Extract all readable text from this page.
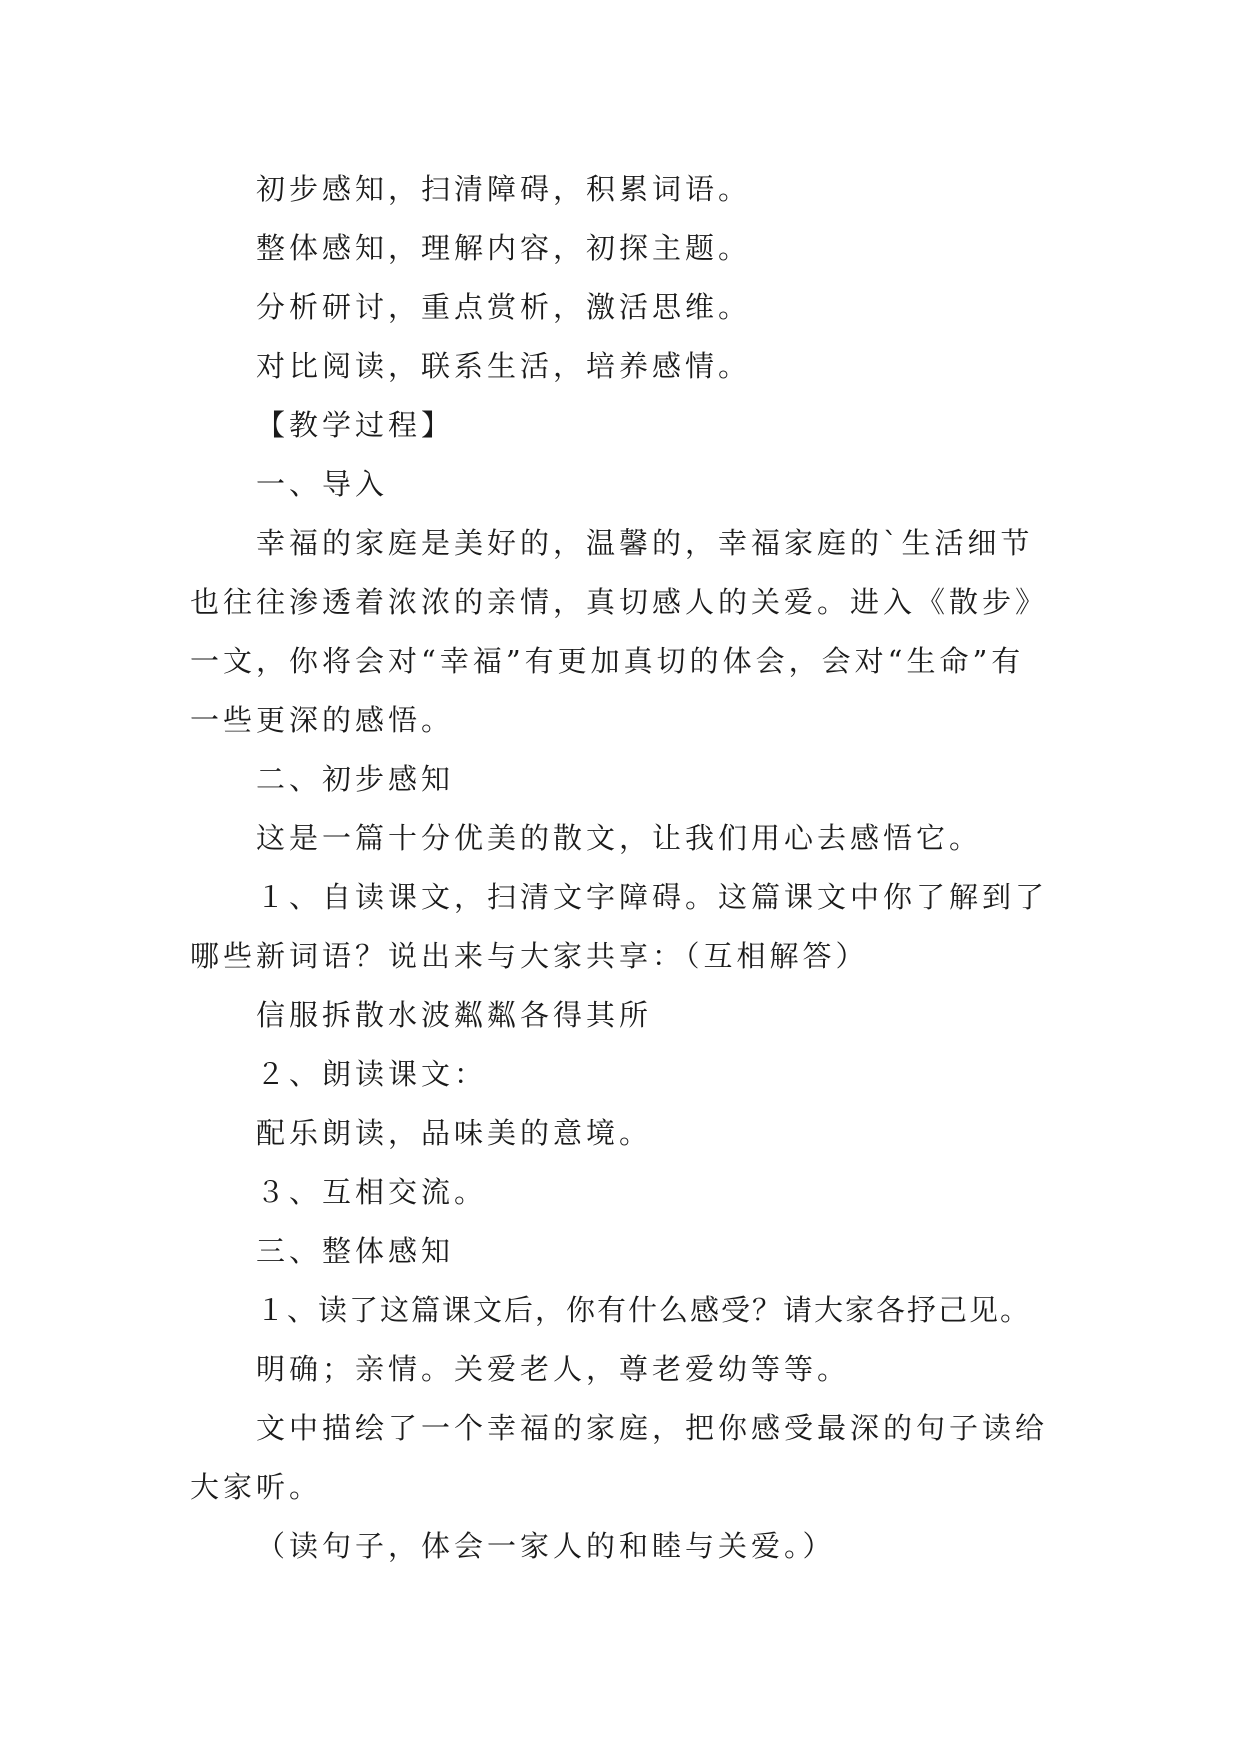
初步感知，扫清障碍，积累词语。

整体感知，理解内容，初探主题。

分析研讨，重点赏析，激活思维。

对比阅读，联系生活，培养感情。

【教学过程】

一、导入

幸福的家庭是美好的，温馨的，幸福家庭的`生活细节也往往渗透着浓浓的亲情，真切感人的关爱。进入《散步》一文，你将会对“幸福”有更加真切的体会，会对“生命”有一些更深的感悟。

二、初步感知

这是一篇十分优美的散文，让我们用心去感悟它。

１、自读课文，扫清文字障碍。这篇课文中你了解到了哪些新词语？说出来与大家共享：（互相解答）

信服拆散水波粼粼各得其所

２、朗读课文：

配乐朗读，品味美的意境。

３、互相交流。

三、整体感知

１、读了这篇课文后，你有什么感受？请大家各抒己见。

明确；亲情。关爱老人，尊老爱幼等等。

文中描绘了一个幸福的家庭，把你感受最深的句子读给大家听。

（读句子，体会一家人的和睦与关爱。）
